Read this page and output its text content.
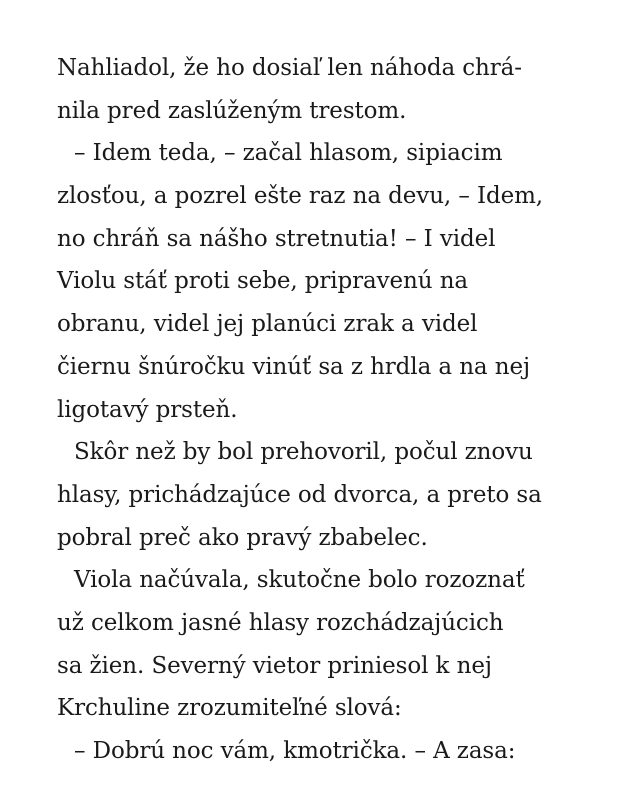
Nahliadol, že ho dosiaľ len náhoda chrá-
nila pred zaslúženým trestom.
– Idem teda, – začal hlasom, sipiacim
zlosťou, a pozrel ešte raz na devu, – Idem,
no chráň sa nášho stretnutia! – I videl
Violu stáť proti sebe, pripravenú na
obranu, videl jej planúci zrak a videl
čiernu šnúročku vinúť sa z hrdla a na nej
ligotavý prsteň.
Skôr než by bol prehovoril, počul znovu
hlasy, prichádzajúce od dvorca, a preto sa
pobral preč ako pravý zbabelec.
Viola načúvala, skutočne bolo rozoznať
už celkom jasné hlasy rozchádzajúcich
sa žien. Severný vietor priniesol k nej
Krchuline zrozumiteľné slová:
– Dobrú noc vám, kmotrička. – A zasa:
